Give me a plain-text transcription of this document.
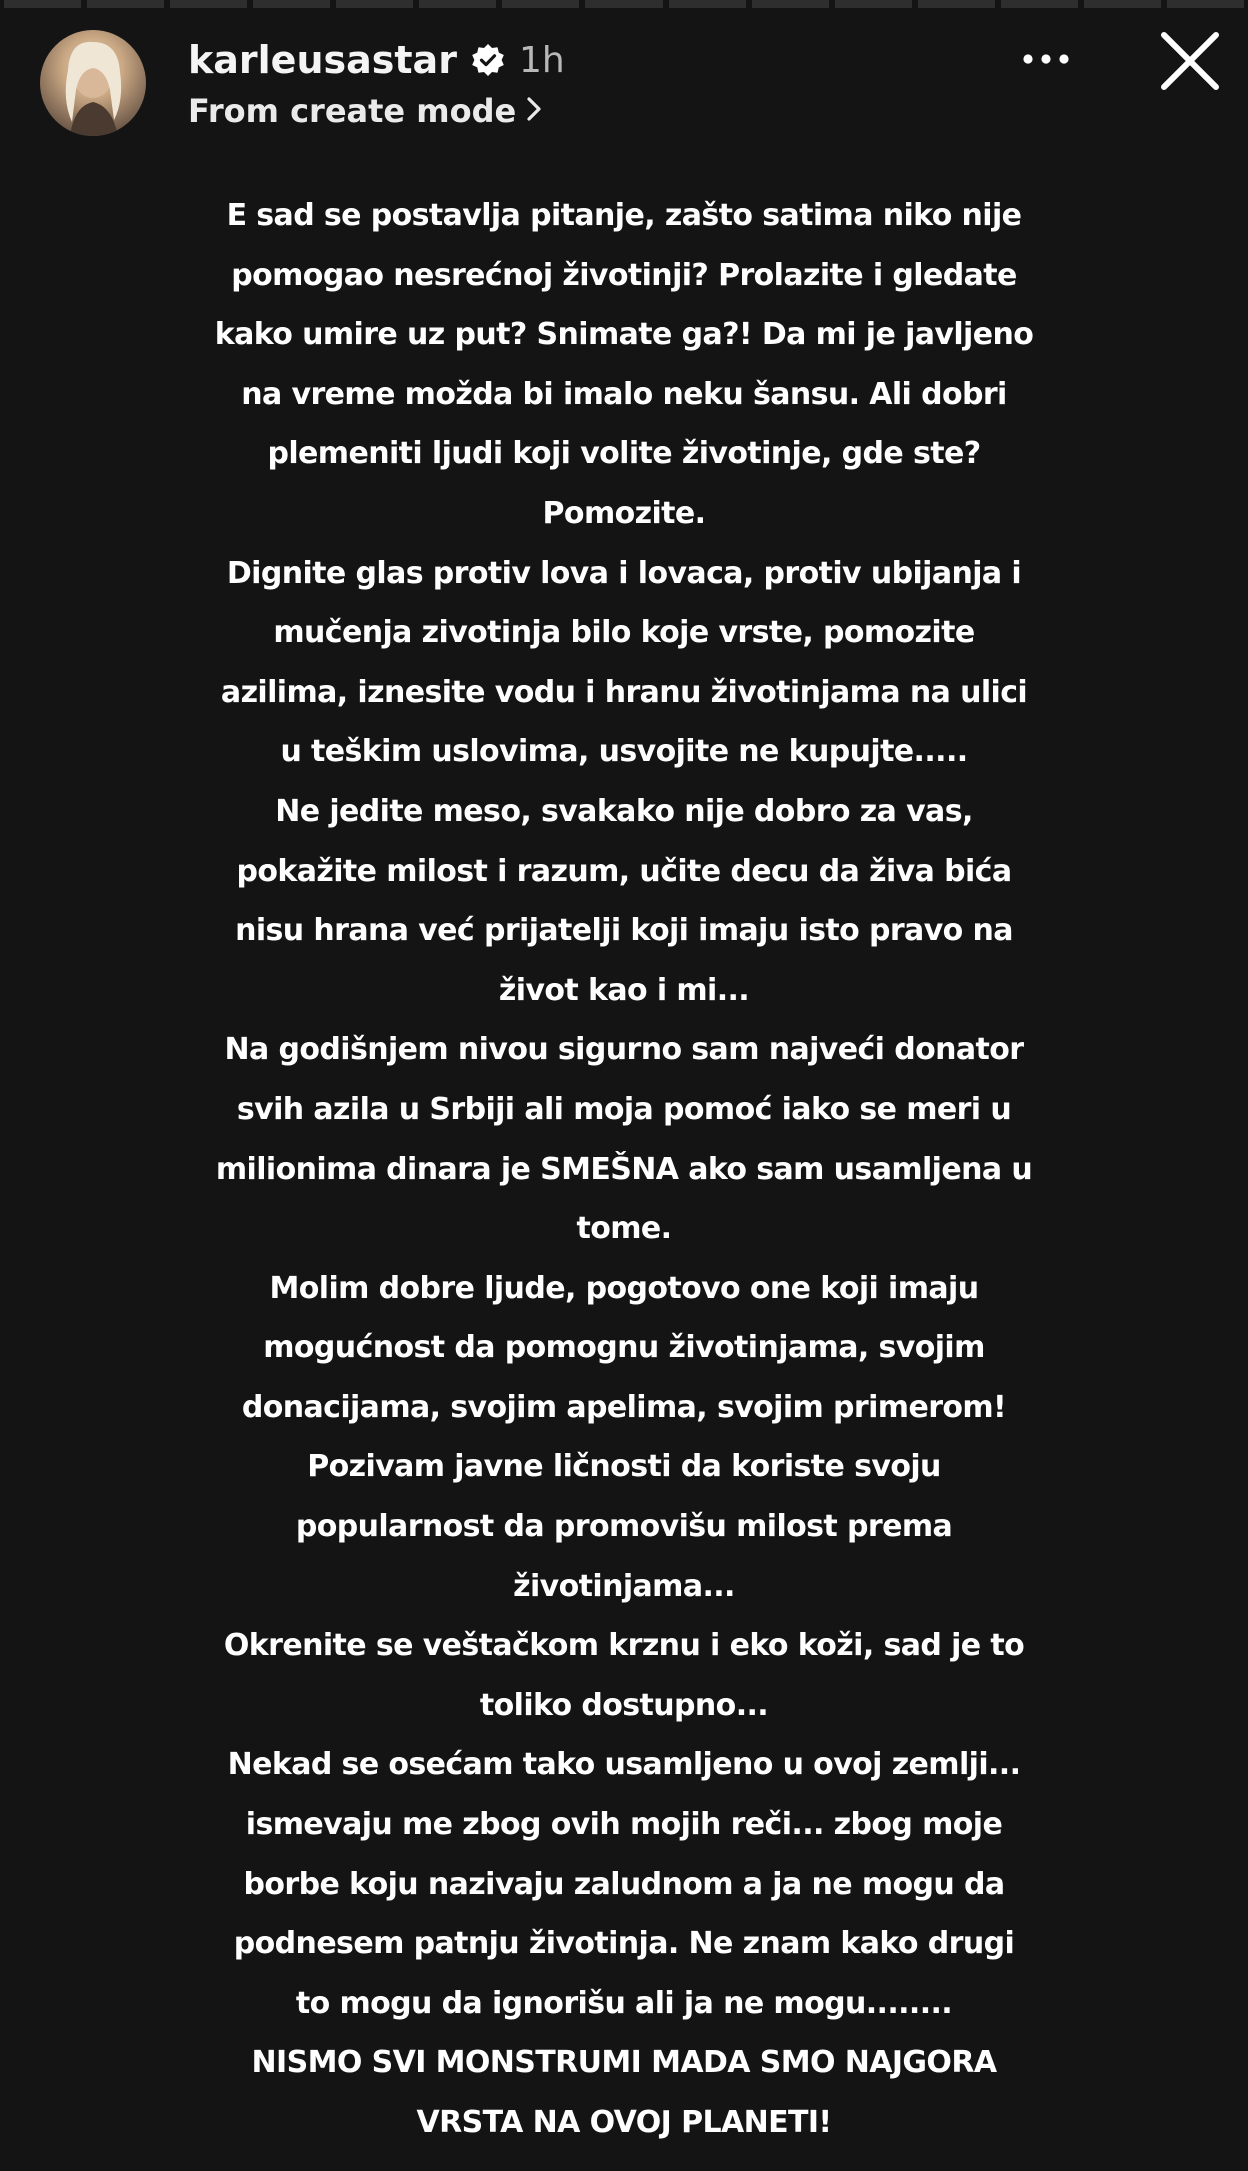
karleusastar 1h
From create mode
E sad se postavlja pitanje, zašto satima niko nije
pomogao nesrećnoj životinji? Prolazite i gledate
kako umire uz put? Snimate ga?! Da mi je javljeno
na vreme možda bi imalo neku šansu. Ali dobri
plemeniti ljudi koji volite životinje, gde ste?
Pomozite.
Dignite glas protiv lova i lovaca, protiv ubijanja i
mučenja zivotinja bilo koje vrste, pomozite
azilima, iznesite vodu i hranu životinjama na ulici
u teškim uslovima, usvojite ne kupujte.....
Ne jedite meso, svakako nije dobro za vas,
pokažite milost i razum, učite decu da živa bića
nisu hrana već prijatelji koji imaju isto pravo na
život kao i mi...
Na godišnjem nivou sigurno sam najveći donator
svih azila u Srbiji ali moja pomoć iako se meri u
milionima dinara je SMEŠNA ako sam usamljena u
tome.
Molim dobre ljude, pogotovo one koji imaju
mogućnost da pomognu životinjama, svojim
donacijama, svojim apelima, svojim primerom!
Pozivam javne ličnosti da koriste svoju
popularnost da promovišu milost prema
životinjama...
Okrenite se veštačkom krznu i eko koži, sad je to
toliko dostupno...
Nekad se osećam tako usamljeno u ovoj zemlji...
ismevaju me zbog ovih mojih reči... zbog moje
borbe koju nazivaju zaludnom a ja ne mogu da
podnesem patnju životinja. Ne znam kako drugi
to mogu da ignorišu ali ja ne mogu........
NISMO SVI MONSTRUMI MADA SMO NAJGORA
VRSTA NA OVOJ PLANETI!
